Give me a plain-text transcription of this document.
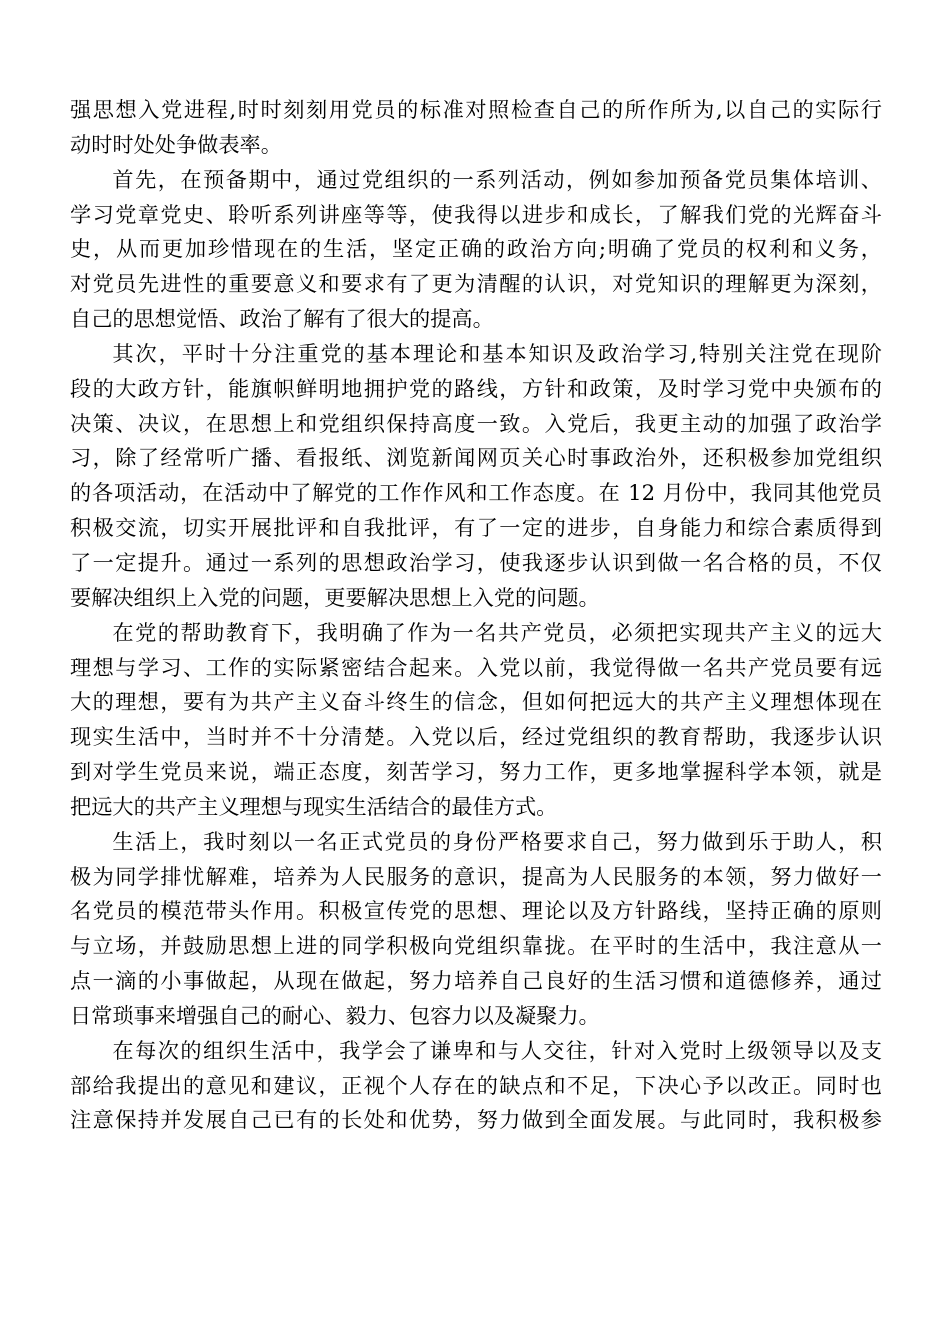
强思想入党进程,时时刻刻用党员的标准对照检查自己的所作所为,以自己的实际行
动时时处处争做表率。
首先，在预备期中，通过党组织的一系列活动，例如参加预备党员集体培训、
学习党章党史、聆听系列讲座等等，使我得以进步和成长，了解我们党的光辉奋斗
史，从而更加珍惜现在的生活，坚定正确的政治方向;明确了党员的权利和义务，
对党员先进性的重要意义和要求有了更为清醒的认识，对党知识的理解更为深刻，
自己的思想觉悟、政治了解有了很大的提高。
其次，平时十分注重党的基本理论和基本知识及政治学习,特别关注党在现阶
段的大政方针，能旗帜鲜明地拥护党的路线，方针和政策，及时学习党中央颁布的
决策、决议，在思想上和党组织保持高度一致。入党后，我更主动的加强了政治学
习，除了经常听广播、看报纸、浏览新闻网页关心时事政治外，还积极参加党组织
的各项活动，在活动中了解党的工作作风和工作态度。在 12 月份中，我同其他党员
积极交流，切实开展批评和自我批评，有了一定的进步，自身能力和综合素质得到
了一定提升。通过一系列的思想政治学习，使我逐步认识到做一名合格的员，不仅
要解决组织上入党的问题，更要解决思想上入党的问题。
在党的帮助教育下，我明确了作为一名共产党员，必须把实现共产主义的远大
理想与学习、工作的实际紧密结合起来。入党以前，我觉得做一名共产党员要有远
大的理想，要有为共产主义奋斗终生的信念，但如何把远大的共产主义理想体现在
现实生活中，当时并不十分清楚。入党以后，经过党组织的教育帮助，我逐步认识
到对学生党员来说，端正态度，刻苦学习，努力工作，更多地掌握科学本领，就是
把远大的共产主义理想与现实生活结合的最佳方式。
生活上，我时刻以一名正式党员的身份严格要求自己，努力做到乐于助人，积
极为同学排忧解难，培养为人民服务的意识，提高为人民服务的本领，努力做好一
名党员的模范带头作用。积极宣传党的思想、理论以及方针路线，坚持正确的原则
与立场，并鼓励思想上进的同学积极向党组织靠拢。在平时的生活中，我注意从一
点一滴的小事做起，从现在做起，努力培养自己良好的生活习惯和道德修养，通过
日常琐事来增强自己的耐心、毅力、包容力以及凝聚力。
在每次的组织生活中，我学会了谦卑和与人交往，针对入党时上级领导以及支
部给我提出的意见和建议，正视个人存在的缺点和不足，下决心予以改正。同时也
注意保持并发展自己已有的长处和优势，努力做到全面发展。与此同时，我积极参
